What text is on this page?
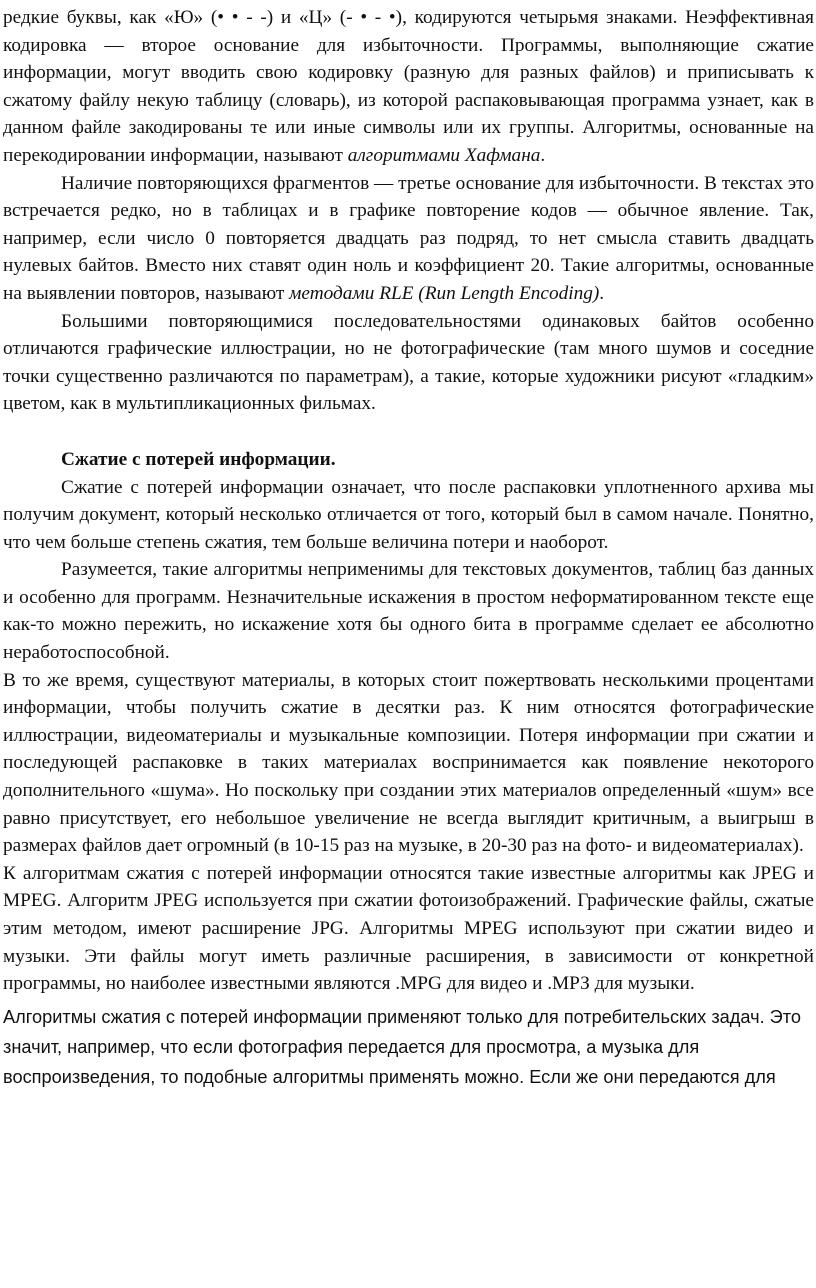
редкие буквы, как «Ю» (• • - -) и «Ц» (- • - •), кодируются четырьмя знаками. Неэффективная кодировка — второе основание для избыточности. Программы, выполняющие сжатие информации, могут вводить свою кодировку (разную для разных файлов) и приписывать к сжатому файлу некую таблицу (словарь), из которой распаковывающая программа узнает, как в данном файле закодированы те или иные символы или их группы. Алгоритмы, основанные на перекодировании информации, называют алгоритмами Хафмана.

Наличие повторяющихся фрагментов — третье основание для избыточности. В текстах это встречается редко, но в таблицах и в графике повторение кодов — обычное явление. Так, например, если число 0 повторяется двадцать раз подряд, то нет смысла ставить двадцать нулевых байтов. Вместо них ставят один ноль и коэффициент 20. Такие алгоритмы, основанные на выявлении повторов, называют методами RLE (Run Length Encoding).

Большими повторяющимися последовательностями одинаковых байтов особенно отличаются графические иллюстрации, но не фотографические (там много шумов и соседние точки существенно различаются по параметрам), а такие, которые художники рисуют «гладким» цветом, как в мультипликационных фильмах.

Сжатие с потерей информации.

Сжатие с потерей информации означает, что после распаковки уплотненного архива мы получим документ, который несколько отличается от того, который был в самом начале. Понятно, что чем больше степень сжатия, тем больше величина потери и наоборот.

Разумеется, такие алгоритмы неприменимы для текстовых документов, таблиц баз данных и особенно для программ. Незначительные искажения в простом неформатированном тексте еще как-то можно пережить, но искажение хотя бы одного бита в программе сделает ее абсолютно неработоспособной.

В то же время, существуют материалы, в которых стоит пожертвовать несколькими процентами информации, чтобы получить сжатие в десятки раз. К ним относятся фотографические иллюстрации, видеоматериалы и музыкальные композиции. Потеря информации при сжатии и последующей распаковке в таких материалах воспринимается как появление некоторого дополнительного «шума». Но поскольку при создании этих материалов определенный «шум» все равно присутствует, его небольшое увеличение не всегда выглядит критичным, а выигрыш в размерах файлов дает огромный (в 10-15 раз на музыке, в 20-30 раз на фото- и видеоматериалах).

К алгоритмам сжатия с потерей информации относятся такие известные алгоритмы как JPEG и MPEG. Алгоритм JPEG используется при сжатии фотоизображений. Графические файлы, сжатые этим методом, имеют расширение JPG. Алгоритмы MPEG используют при сжатии видео и музыки. Эти файлы могут иметь различные расширения, в зависимости от конкретной программы, но наиболее известными являются .MPG для видео и .МРЗ для музыки.

Алгоритмы сжатия с потерей информации применяют только для потребительских задач. Это значит, например, что если фотография передается для просмотра, а музыка для воспроизведения, то подобные алгоритмы применять можно. Если же они передаются для
